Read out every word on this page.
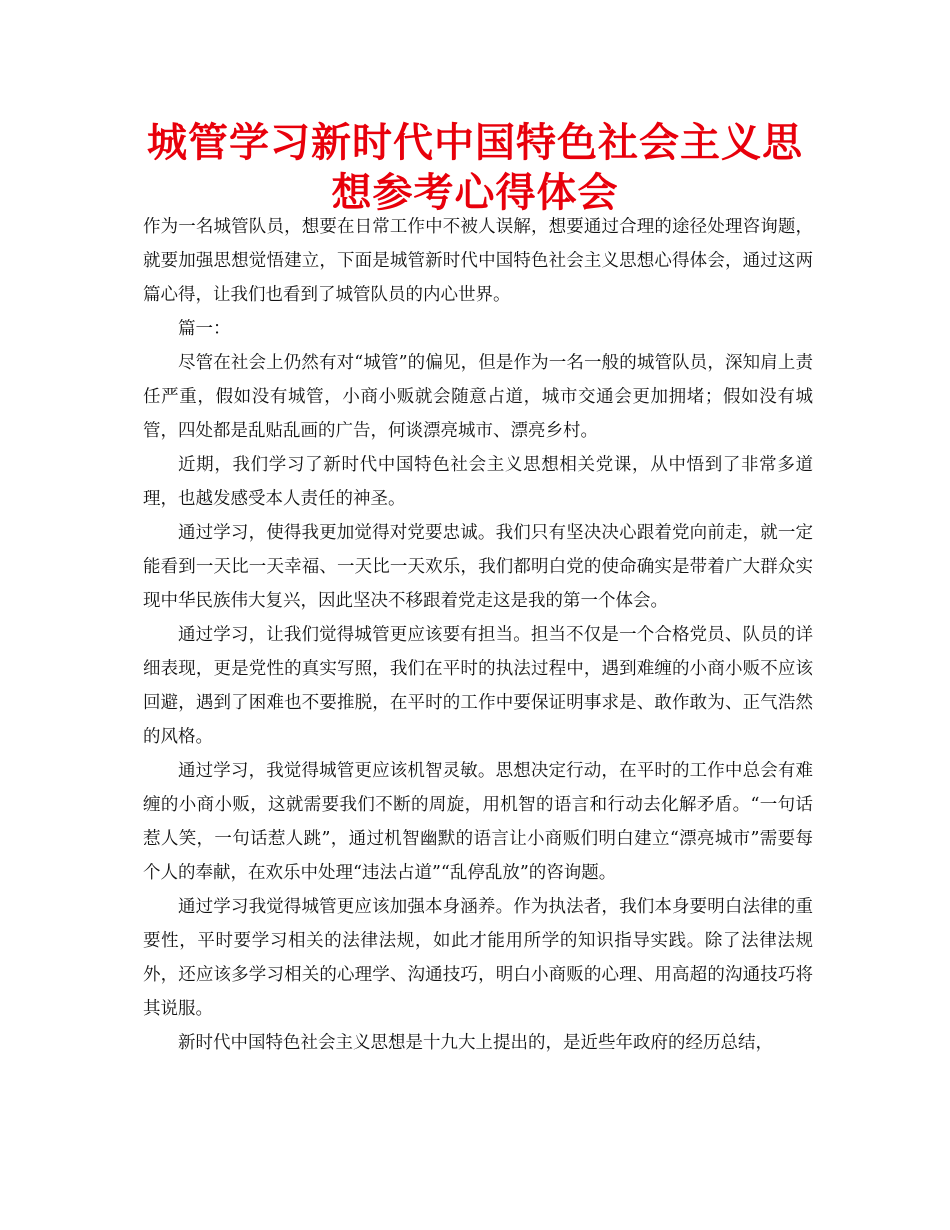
城管学习新时代中国特色社会主义思想参考心得体会

作为一名城管队员，想要在日常工作中不被人误解，想要通过合理的途径处理咨询题，就要加强思想觉悟建立，下面是城管新时代中国特色社会主义思想心得体会，通过这两篇心得，让我们也看到了城管队员的内心世界。

篇一：

尽管在社会上仍然有对“城管”的偏见，但是作为一名一般的城管队员，深知肩上责任严重，假如没有城管，小商小贩就会随意占道，城市交通会更加拥堵；假如没有城管，四处都是乱贴乱画的广告，何谈漂亮城市、漂亮乡村。

近期，我们学习了新时代中国特色社会主义思想相关党课，从中悟到了非常多道理，也越发感受本人责任的神圣。

通过学习，使得我更加觉得对党要忠诚。我们只有坚决决心跟着党向前走，就一定能看到一天比一天幸福、一天比一天欢乐，我们都明白党的使命确实是带着广大群众实现中华民族伟大复兴，因此坚决不移跟着党走这是我的第一个体会。

通过学习，让我们觉得城管更应该要有担当。担当不仅是一个合格党员、队员的详细表现，更是党性的真实写照，我们在平时的执法过程中，遇到难缠的小商小贩不应该回避，遇到了困难也不要推脱，在平时的工作中要保证明事求是、敢作敢为、正气浩然的风格。

通过学习，我觉得城管更应该机智灵敏。思想决定行动，在平时的工作中总会有难缠的小商小贩，这就需要我们不断的周旋，用机智的语言和行动去化解矛盾。“一句话惹人笑，一句话惹人跳”，通过机智幽默的语言让小商贩们明白建立“漂亮城市”需要每个人的奉献，在欢乐中处理“违法占道”“乱停乱放”的咨询题。

通过学习我觉得城管更应该加强本身涵养。作为执法者，我们本身要明白法律的重要性，平时要学习相关的法律法规，如此才能用所学的知识指导实践。除了法律法规外，还应该多学习相关的心理学、沟通技巧，明白小商贩的心理、用高超的沟通技巧将其说服。

新时代中国特色社会主义思想是十九大上提出的，是近些年政府的经历总结，
